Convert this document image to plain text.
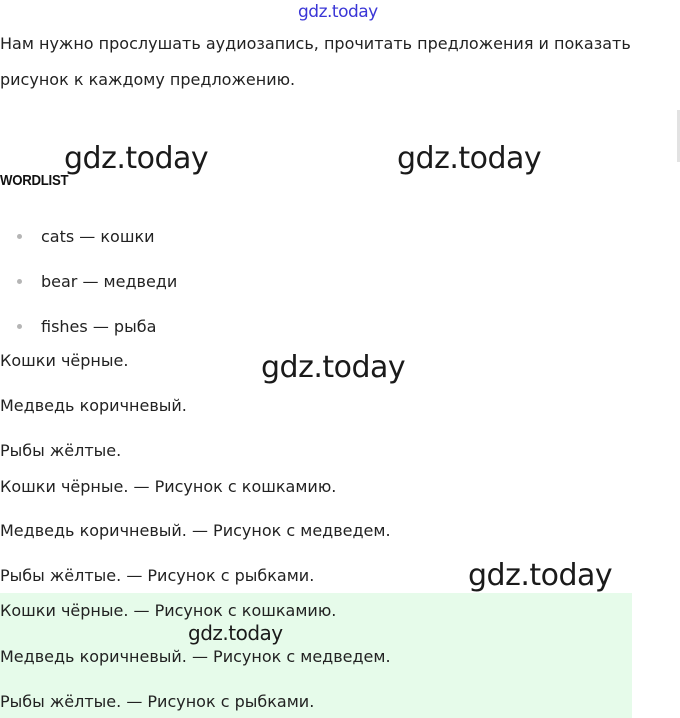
gdz.today
Нам нужно прослушать аудиозапись, прочитать предложения и показать рисунок к каждому предложению.
WORDLIST
gdz.today	gdz.today
cats — кошки
bear — медведи
fishes — рыба
Кошки чёрные.	gdz.today
Медведь коричневый.
Рыбы жёлтые.
Кошки чёрные. — Рисунок с кошкамию.
Медведь коричневый. — Рисунок с медведем.
Рыбы жёлтые. — Рисунок с рыбками.	gdz.today
Кошки чёрные. — Рисунок с кошкамию.
gdz.today
Медведь коричневый. — Рисунок с медведем.
Рыбы жёлтые. — Рисунок с рыбками.
